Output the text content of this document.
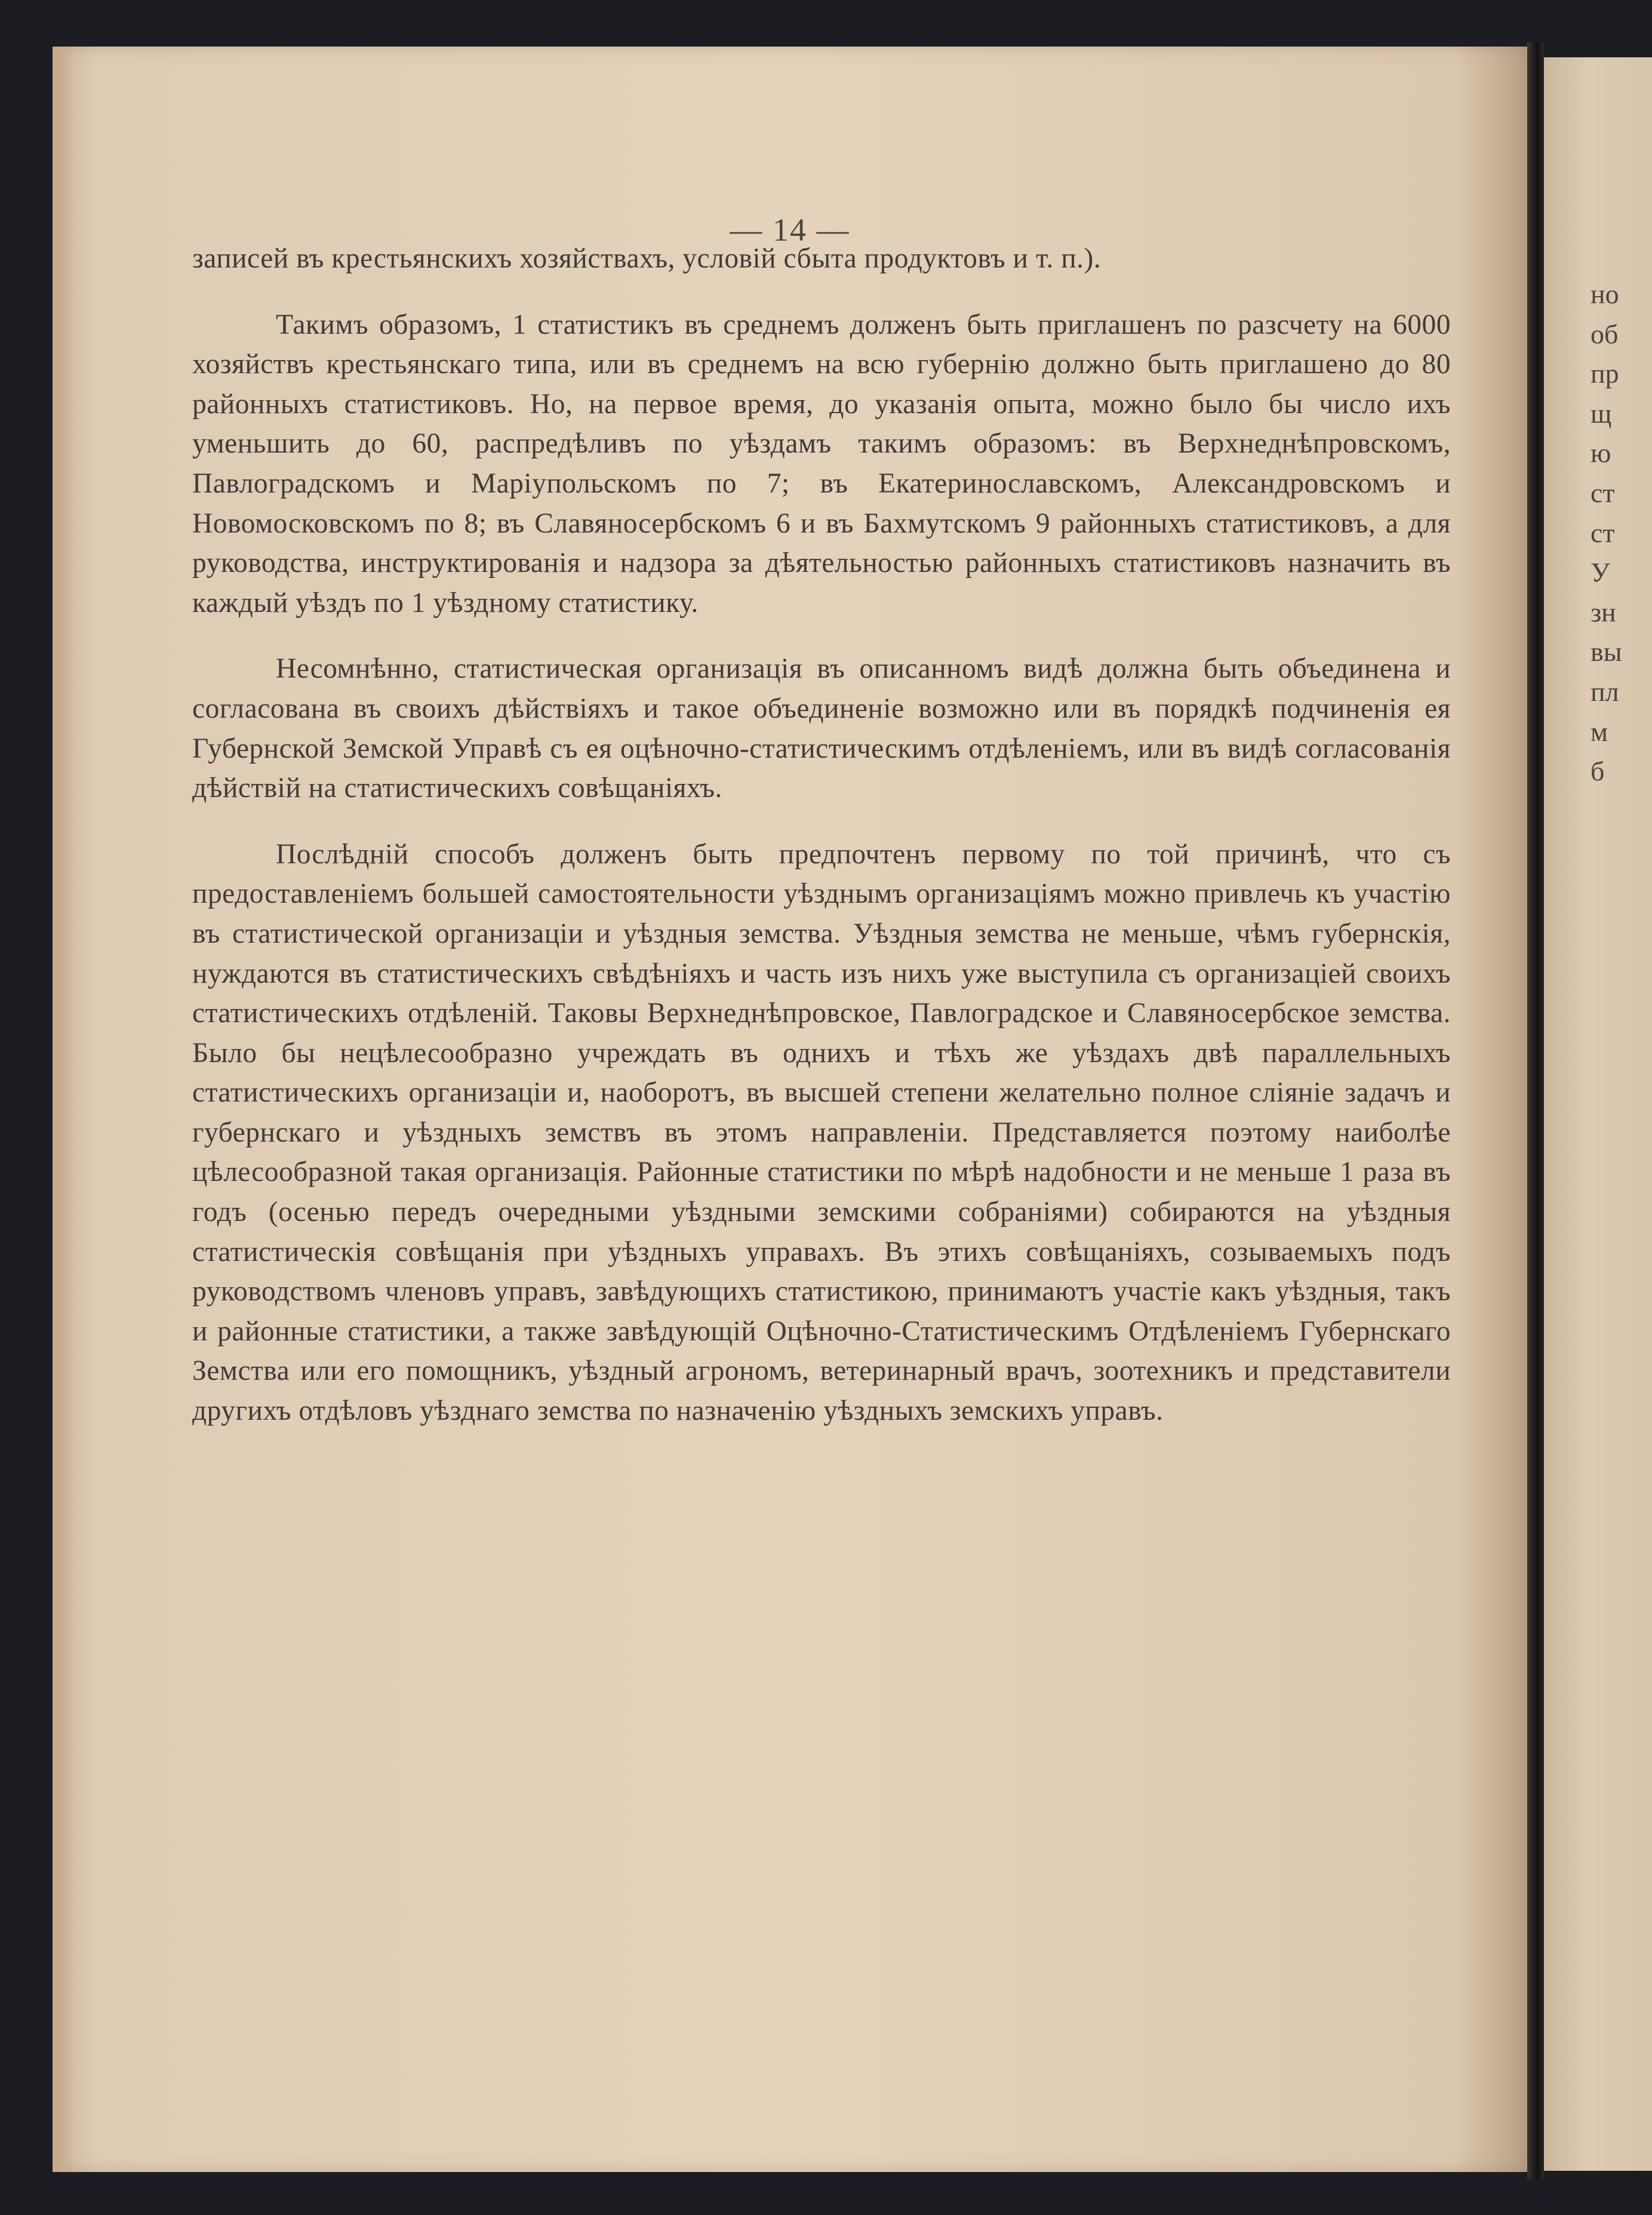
но
об
пр
щ
ю
ст
ст
У
зн
вы
пл
м
б
— 14 —

записей въ крестьянскихъ хозяйствахъ, условій сбыта продуктовъ и т. п.).

Такимъ образомъ, 1 статистикъ въ среднемъ долженъ быть приглашенъ по разсчету на 6000 хозяйствъ крестьянскаго типа, или въ среднемъ на всю губернію должно быть приглашено до 80 районныхъ статистиковъ. Но, на первое время, до указанія опыта, можно было бы число ихъ уменьшить до 60, распредѣливъ по уѣздамъ такимъ образомъ: въ Верхнеднѣпровскомъ, Павлоградскомъ и Маріупольскомъ по 7; въ Екатеринославскомъ, Александровскомъ и Новомосковскомъ по 8; въ Славяносербскомъ 6 и въ Бахмутскомъ 9 районныхъ статистиковъ, а для руководства, инструктированія и надзора за дѣятельностью районныхъ статистиковъ назначить въ каждый уѣздъ по 1 уѣздному статистику.

Несомнѣнно, статистическая организація въ описанномъ видѣ должна быть объединена и согласована въ своихъ дѣйствіяхъ и такое объединеніе возможно или въ порядкѣ подчиненія ея Губернской Земской Управѣ съ ея оцѣночно-статистическимъ отдѣленіемъ, или въ видѣ согласованія дѣйствій на статистическихъ совѣщаніяхъ.

Послѣдній способъ долженъ быть предпочтенъ первому по той причинѣ, что съ предоставленіемъ большей самостоятельности уѣзднымъ организаціямъ можно привлечь къ участію въ статистической организаціи и уѣздныя земства. Уѣздныя земства не меньше, чѣмъ губернскія, нуждаются въ статистическихъ свѣдѣніяхъ и часть изъ нихъ уже выступила съ организаціей своихъ статистическихъ отдѣленій. Таковы Верхнеднѣпровское, Павлоградское и Славяносербское земства. Было бы нецѣлесообразно учреждать въ однихъ и тѣхъ же уѣздахъ двѣ параллельныхъ статистическихъ организаціи и, наоборотъ, въ высшей степени желательно полное сліяніе задачъ и губернскаго и уѣздныхъ земствъ въ этомъ направленіи. Представляется поэтому наиболѣе цѣлесообразной такая организація. Районные статистики по мѣрѣ надобности и не меньше 1 раза въ годъ (осенью передъ очередными уѣздными земскими собраніями) собираются на уѣздныя статистическія совѣщанія при уѣздныхъ управахъ. Въ этихъ совѣщаніяхъ, созываемыхъ подъ руководствомъ членовъ управъ, завѣдующихъ статистикою, принимаютъ участіе какъ уѣздныя, такъ и районные статистики, а также завѣдующій Оцѣночно-Статистическимъ Отдѣленіемъ Губернскаго Земства или его помощникъ, уѣздный агрономъ, ветеринарный врачъ, зоотехникъ и представители другихъ отдѣловъ уѣзднаго земства по назначенію уѣздныхъ земскихъ управъ.
